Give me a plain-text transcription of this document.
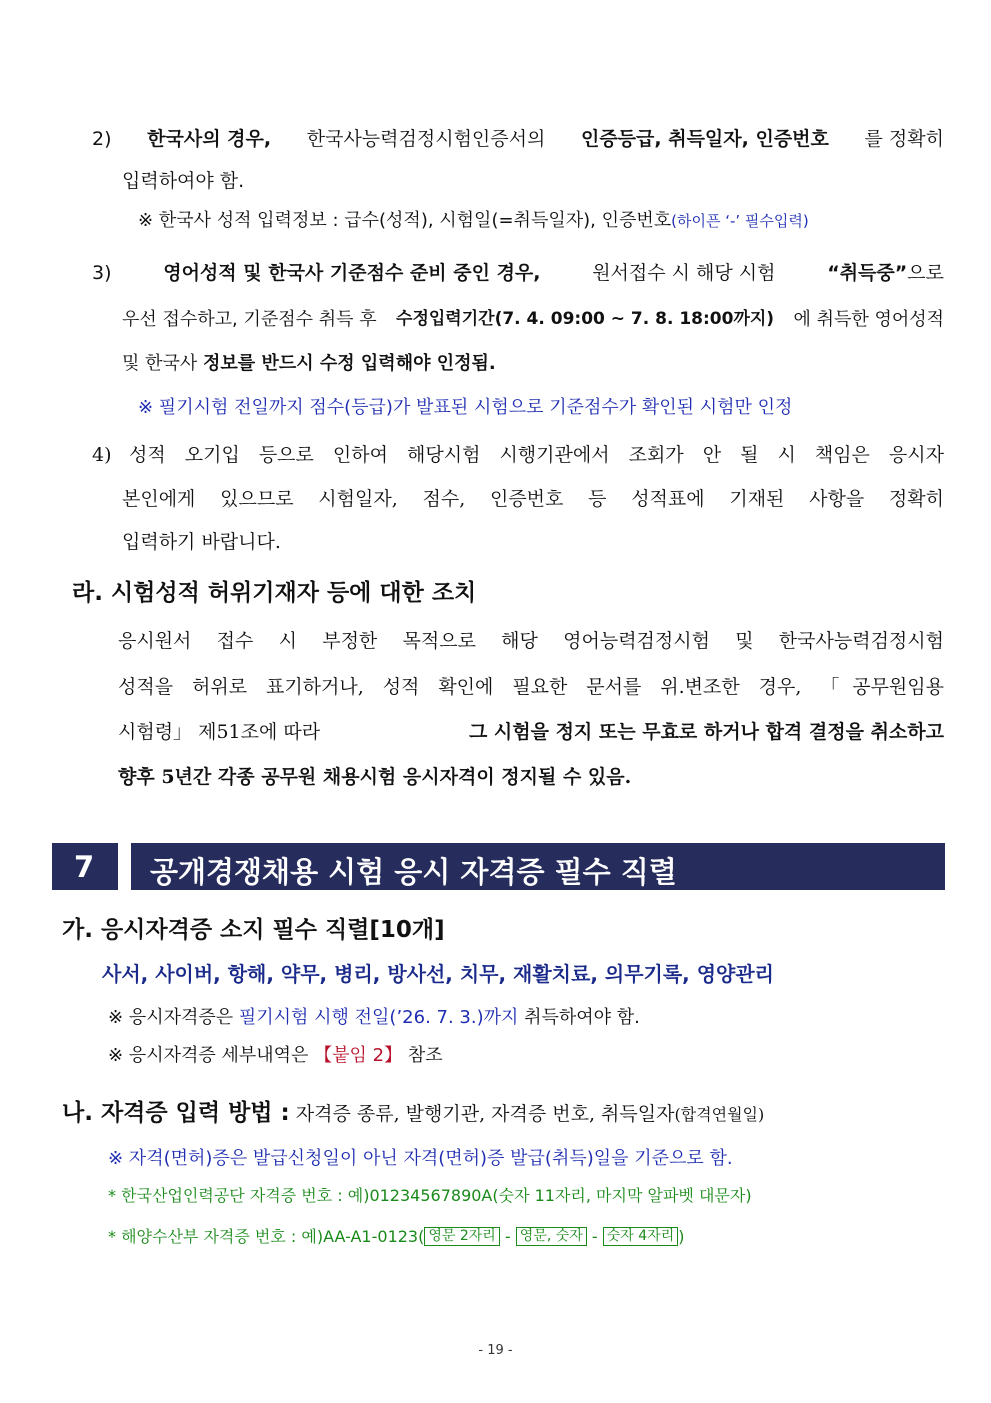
2) 한국사의 경우, 한국사능력검정시험인증서의 인증등급, 취득일자, 인증번호 를 정확히
입력하여야 함.
※ 한국사 성적 입력정보 : 급수(성적), 시험일(=취득일자), 인증번호(하이픈 ‘-’ 필수입력)
3)	영어성적 및 한국사 기준점수 준비 중인 경우,	원서접수 시 해당 시험	“취득중”으로
우선 접수하고, 기준점수 취득 후 수정입력기간(7. 4. 09:00 ~ 7. 8. 18:00까지) 에 취득한 영어성적
및 한국사 정보를 반드시 수정 입력해야 인정됨.
※ 필기시험 전일까지 점수(등급)가 발표된 시험으로 기준점수가 확인된 시험만 인정
4) 성적 오기입 등으로 인하여 해당시험 시행기관에서 조회가 안 될 시 책임은 응시자
본인에게 있으므로 시험일자, 점수, 인증번호 등 성적표에 기재된 사항을 정확히
입력하기 바랍니다.
라. 시험성적 허위기재자 등에 대한 조치
응시원서 접수 시 부정한 목적으로 해당 영어능력검정시험 및 한국사능력검정시험
성적을 허위로 표기하거나, 성적 확인에 필요한 문서를 위.변조한 경우, 「공무원임용
시험령」 제51조에 따라	그 시험을 정지 또는 무효로 하거나 합격 결정을 취소하고
향후 5년간 각종 공무원 채용시험 응시자격이 정지될 수 있음.
7 공개경쟁채용 시험 응시 자격증 필수 직렬
가. 응시자격증 소지 필수 직렬[10개]
사서, 사이버, 항해, 약무, 병리, 방사선, 치무, 재활치료, 의무기록, 영양관리
※ 응시자격증은 필기시험 시행 전일(’26. 7. 3.)까지 취득하여야 함.
※ 응시자격증 세부내역은 【붙임 2】 참조
나. 자격증 입력 방법 : 자격증 종류, 발행기관, 자격증 번호, 취득일자(합격연월일)
※ 자격(면허)증은 발급신청일이 아닌 자격(면허)증 발급(취득)일을 기준으로 함.
* 한국산업인력공단 자격증 번호 : 예)01234567890A(숫자 11자리, 마지막 알파벳 대문자)
* 해양수산부 자격증 번호 : 예)AA-A1-0123( 영문 2자리 - 영문, 숫자 - 숫자 4자리 )
- 19 -
